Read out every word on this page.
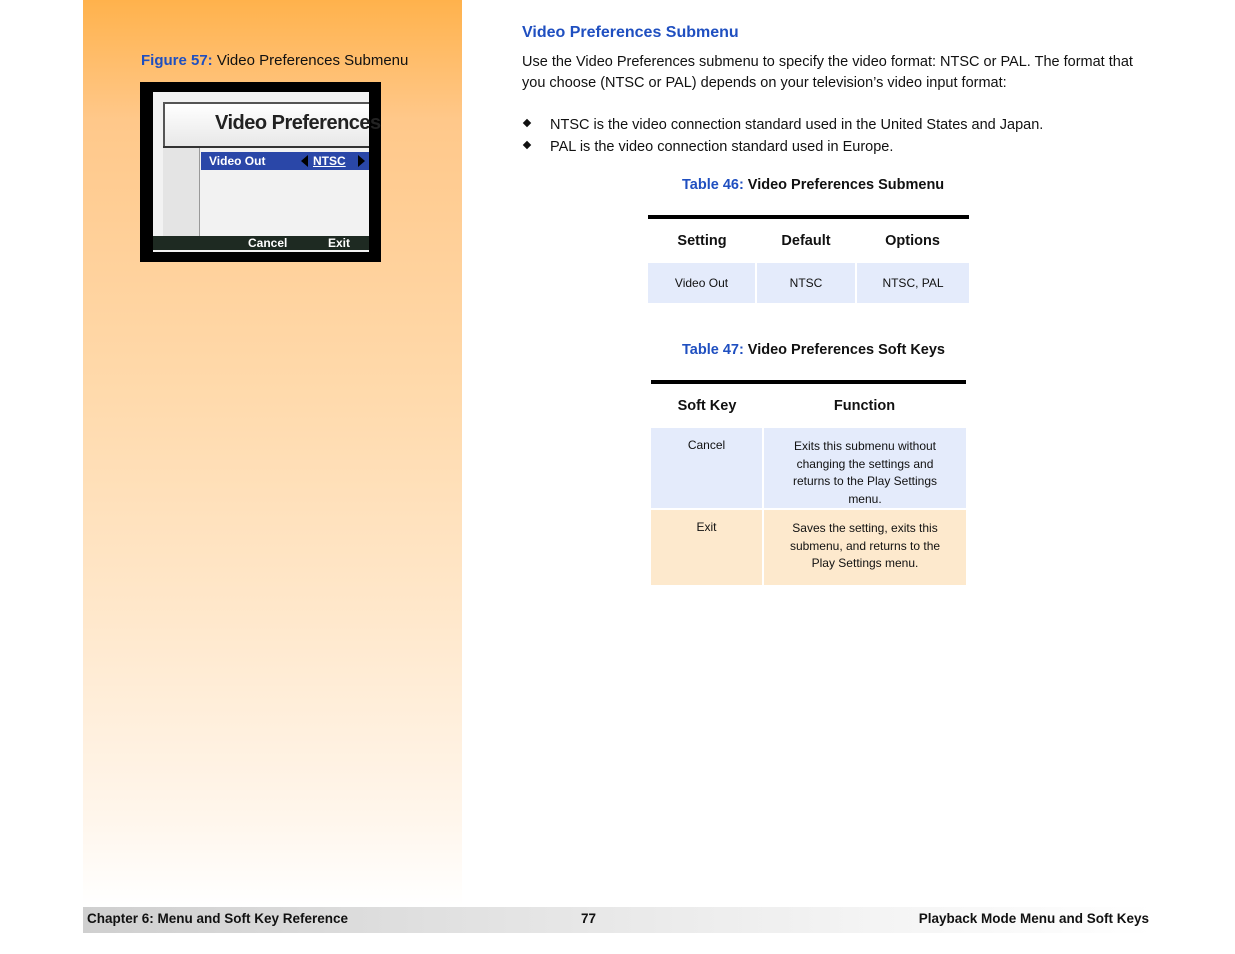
Figure 57: Video Preferences Submenu
Video Preferences
Video Out	NTSC
Cancel	Exit
Video Preferences Submenu
Use the Video Preferences submenu to specify the video format: NTSC or PAL. The format that you choose (NTSC or PAL) depends on your television’s video input format:
NTSC is the video connection standard used in the United States and Japan.
PAL is the video connection standard used in Europe.
Table 46: Video Preferences Submenu
Setting	Default	Options
Video Out	NTSC	NTSC, PAL
Table 47: Video Preferences Soft Keys
Soft Key	Function
Cancel	Exits this submenu without changing the settings and returns to the Play Settings menu.
Exit	Saves the setting, exits this submenu, and returns to the Play Settings menu.
Chapter 6: Menu and Soft Key Reference	77	Playback Mode Menu and Soft Keys
